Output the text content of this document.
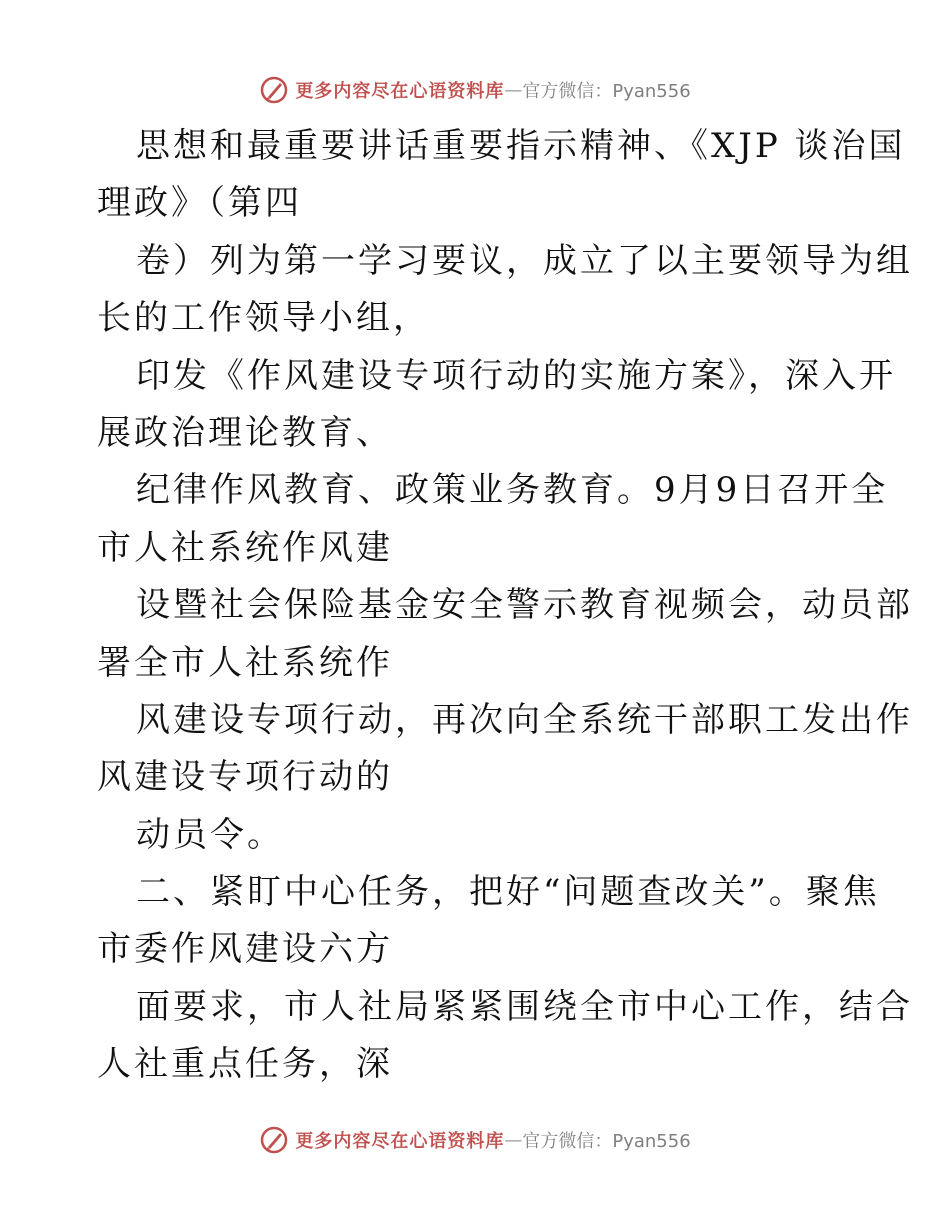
更多内容尽在心语资料库 — 官方微信：Pyan556
思想和最重要讲话重要指示精神、《XJP 谈治国
理政》（第四
卷）列为第一学习要议，成立了以主要领导为组
长的工作领导小组，
印发《作风建设专项行动的实施方案》，深入开
展政治理论教育、
纪律作风教育、政策业务教育。9月9日召开全
市人社系统作风建
设暨社会保险基金安全警示教育视频会，动员部
署全市人社系统作
风建设专项行动，再次向全系统干部职工发出作
风建设专项行动的
动员令。
二、紧盯中心任务，把好“问题查改关”。聚焦
市委作风建设六方
面要求，市人社局紧紧围绕全市中心工作，结合
人社重点任务，深
更多内容尽在心语资料库 — 官方微信：Pyan556
